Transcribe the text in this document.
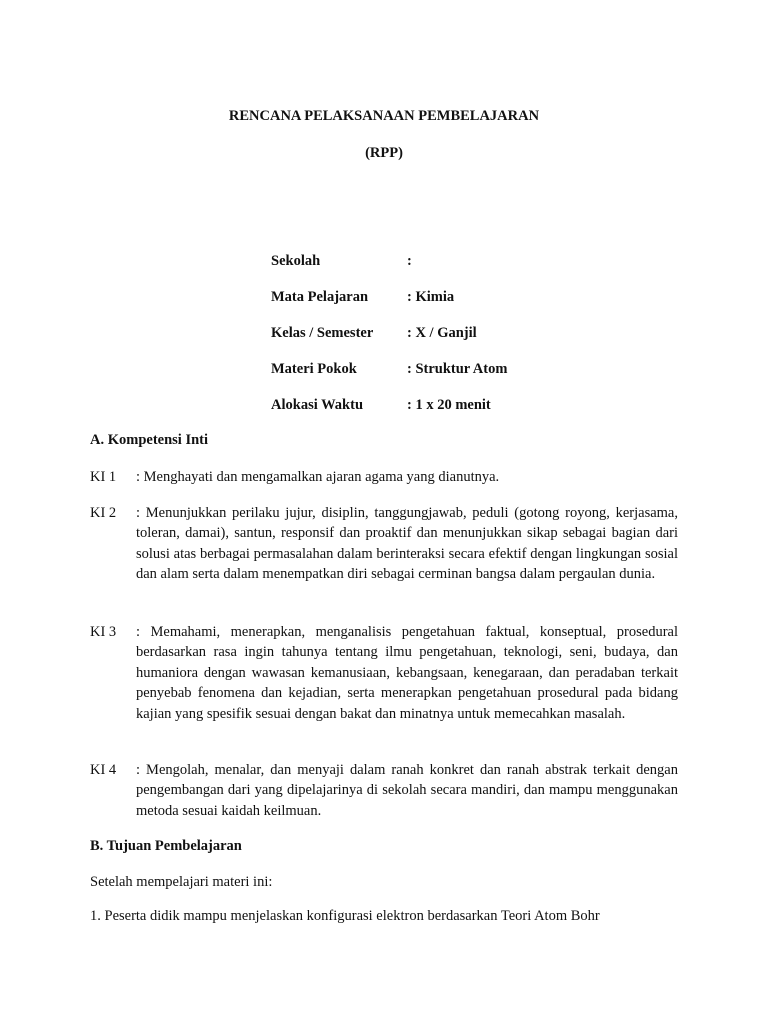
RENCANA PELAKSANAAN PEMBELAJARAN
(RPP)
Sekolah	:
Mata Pelajaran	: Kimia
Kelas / Semester	: X / Ganjil
Materi Pokok	: Struktur Atom
Alokasi Waktu	: 1 x 20 menit
A. Kompetensi Inti
KI 1	: Menghayati dan mengamalkan ajaran agama yang dianutnya.
KI 2	: Menunjukkan perilaku jujur, disiplin, tanggungjawab, peduli (gotong royong, kerjasama, toleran, damai), santun, responsif dan proaktif dan menunjukkan sikap sebagai bagian dari solusi atas berbagai permasalahan dalam berinteraksi secara efektif dengan lingkungan sosial dan alam serta dalam menempatkan diri sebagai cerminan bangsa dalam pergaulan dunia.
KI 3	: Memahami, menerapkan, menganalisis pengetahuan faktual, konseptual, prosedural berdasarkan rasa ingin tahunya tentang ilmu pengetahuan, teknologi, seni, budaya, dan humaniora dengan wawasan kemanusiaan, kebangsaan, kenegaraan, dan peradaban terkait penyebab fenomena dan kejadian, serta menerapkan pengetahuan prosedural pada bidang kajian yang spesifik sesuai dengan bakat dan minatnya untuk memecahkan masalah.
KI 4	: Mengolah, menalar, dan menyaji dalam ranah konkret dan ranah abstrak terkait dengan pengembangan dari yang dipelajarinya di sekolah secara mandiri, dan mampu menggunakan metoda sesuai kaidah keilmuan.
B. Tujuan Pembelajaran
Setelah mempelajari materi ini:
1. Peserta didik mampu menjelaskan konfigurasi elektron berdasarkan Teori Atom Bohr
